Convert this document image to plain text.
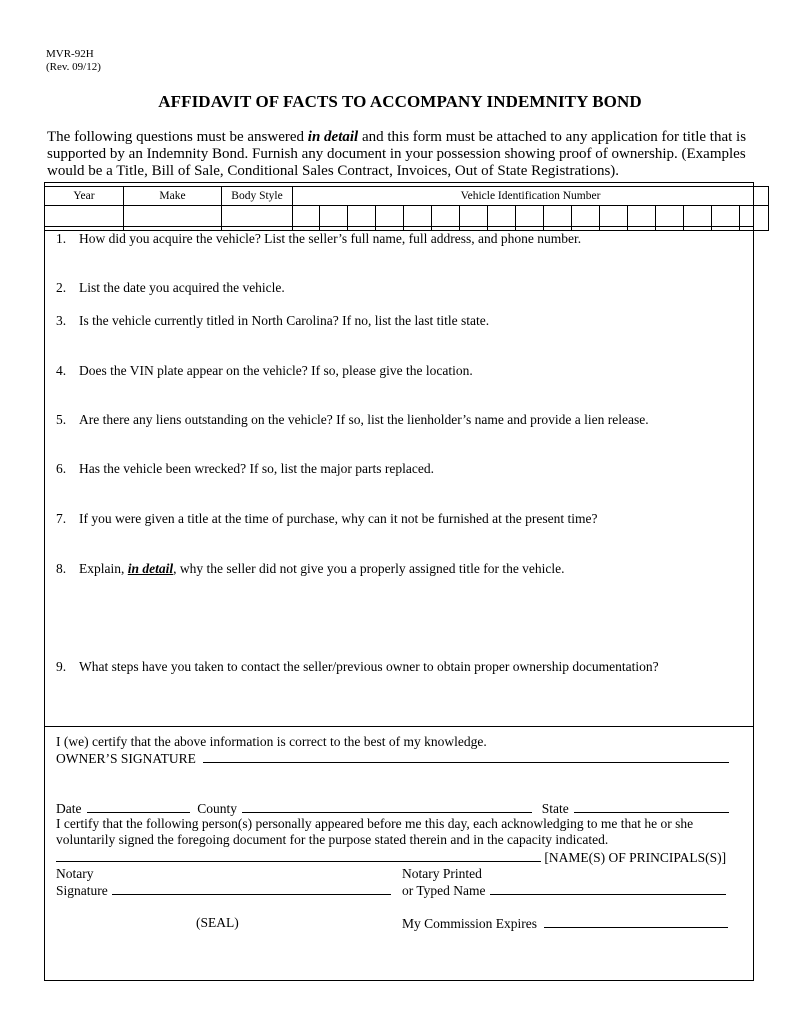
MVR-92H
(Rev. 09/12)
AFFIDAVIT OF FACTS TO ACCOMPANY INDEMNITY BOND
The following questions must be answered in detail and this form must be attached to any application for title that is supported by an Indemnity Bond. Furnish any document in your possession showing proof of ownership. (Examples would be a Title, Bill of Sale, Conditional Sales Contract, Invoices, Out of State Registrations).
Year	Make	Body Style	Vehicle Identification Number																

1. How did you acquire the vehicle? List the seller’s full name, full address, and phone number.
2. List the date you acquired the vehicle.
3. Is the vehicle currently titled in North Carolina? If no, list the last title state.
4. Does the VIN plate appear on the vehicle? If so, please give the location.
5. Are there any liens outstanding on the vehicle? If so, list the lienholder’s name and provide a lien release.
6. Has the vehicle been wrecked? If so, list the major parts replaced.
7. If you were given a title at the time of purchase, why can it not be furnished at the present time?
8. Explain, in detail, why the seller did not give you a properly assigned title for the vehicle.
9. What steps have you taken to contact the seller/previous owner to obtain proper ownership documentation?
I (we) certify that the above information is correct to the best of my knowledge.
OWNER’S SIGNATURE
Date	County	State
I certify that the following person(s) personally appeared before me this day, each acknowledging to me that he or she voluntarily signed the foregoing document for the purpose stated therein and in the capacity indicated.
[NAME(S) OF PRINCIPALS(S)]
Notary
Signature
Notary Printed
or Typed Name
(SEAL)	My Commission Expires
